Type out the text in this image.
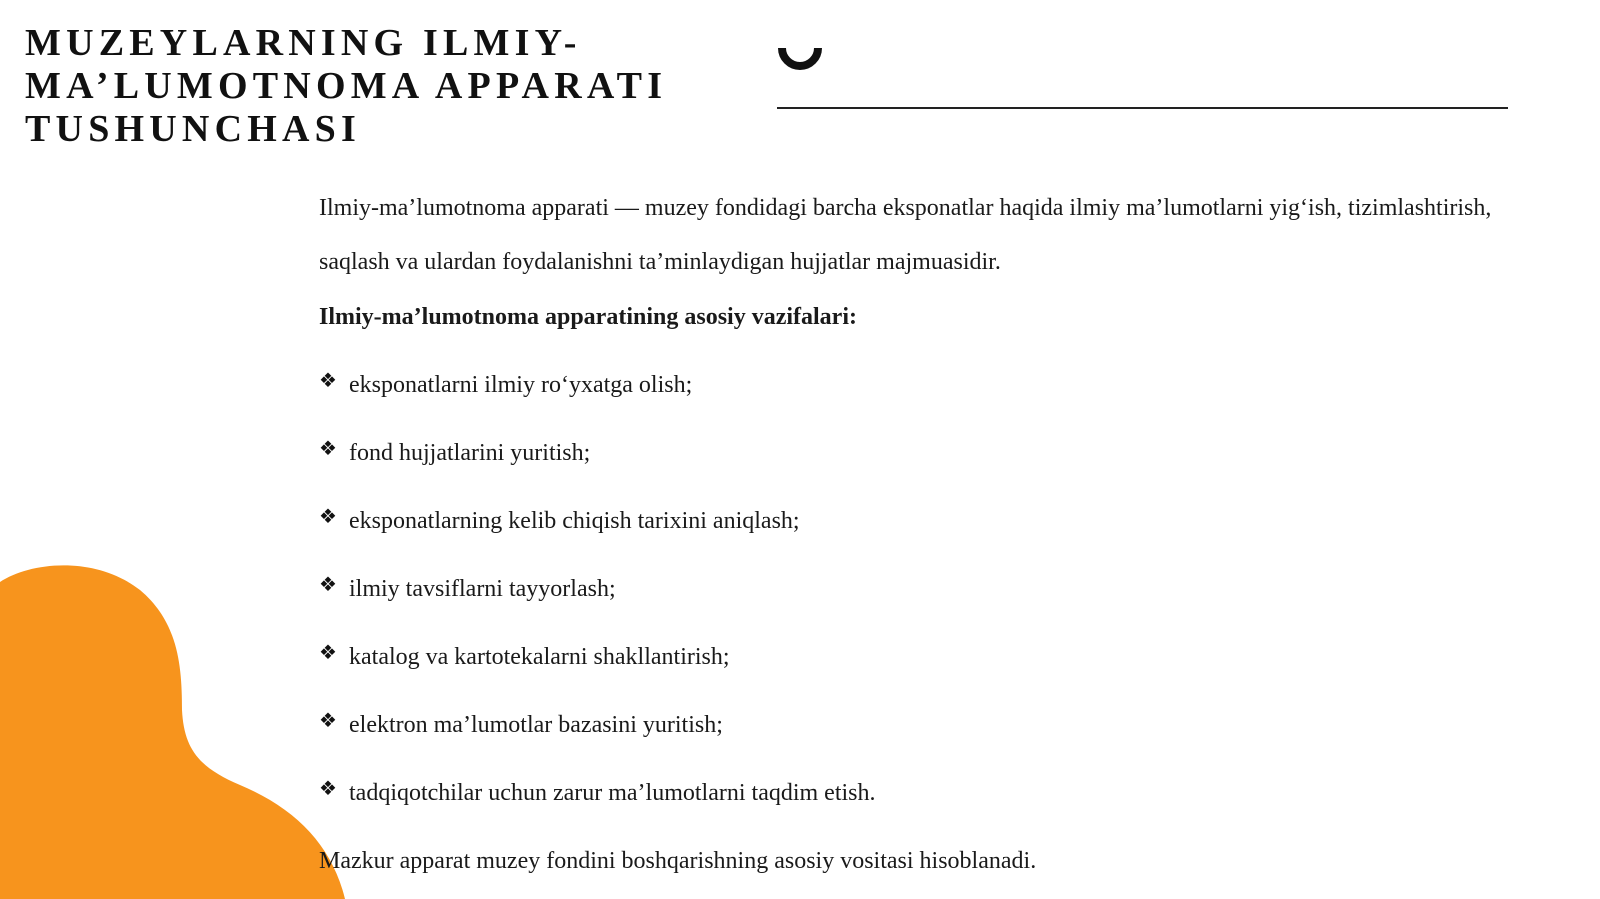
MUZEYLARNING ILMIY-
MA’LUMOTNOMA APPARATI
TUSHUNCHASI

Ilmiy-ma’lumotnoma apparati — muzey fondidagi barcha eksponatlar haqida ilmiy ma’lumotlarni yig‘ish, tizimlashtirish, saqlash va ulardan foydalanishni ta’minlaydigan hujjatlar majmuasidir.

Ilmiy-ma’lumotnoma apparatining asosiy vazifalari:

❖ eksponatlarni ilmiy ro‘yxatga olish;
❖ fond hujjatlarini yuritish;
❖ eksponatlarning kelib chiqish tarixini aniqlash;
❖ ilmiy tavsiflarni tayyorlash;
❖ katalog va kartotekalarni shakllantirish;
❖ elektron ma’lumotlar bazasini yuritish;
❖ tadqiqotchilar uchun zarur ma’lumotlarni taqdim etish.

Mazkur apparat muzey fondini boshqarishning asosiy vositasi hisoblanadi.
